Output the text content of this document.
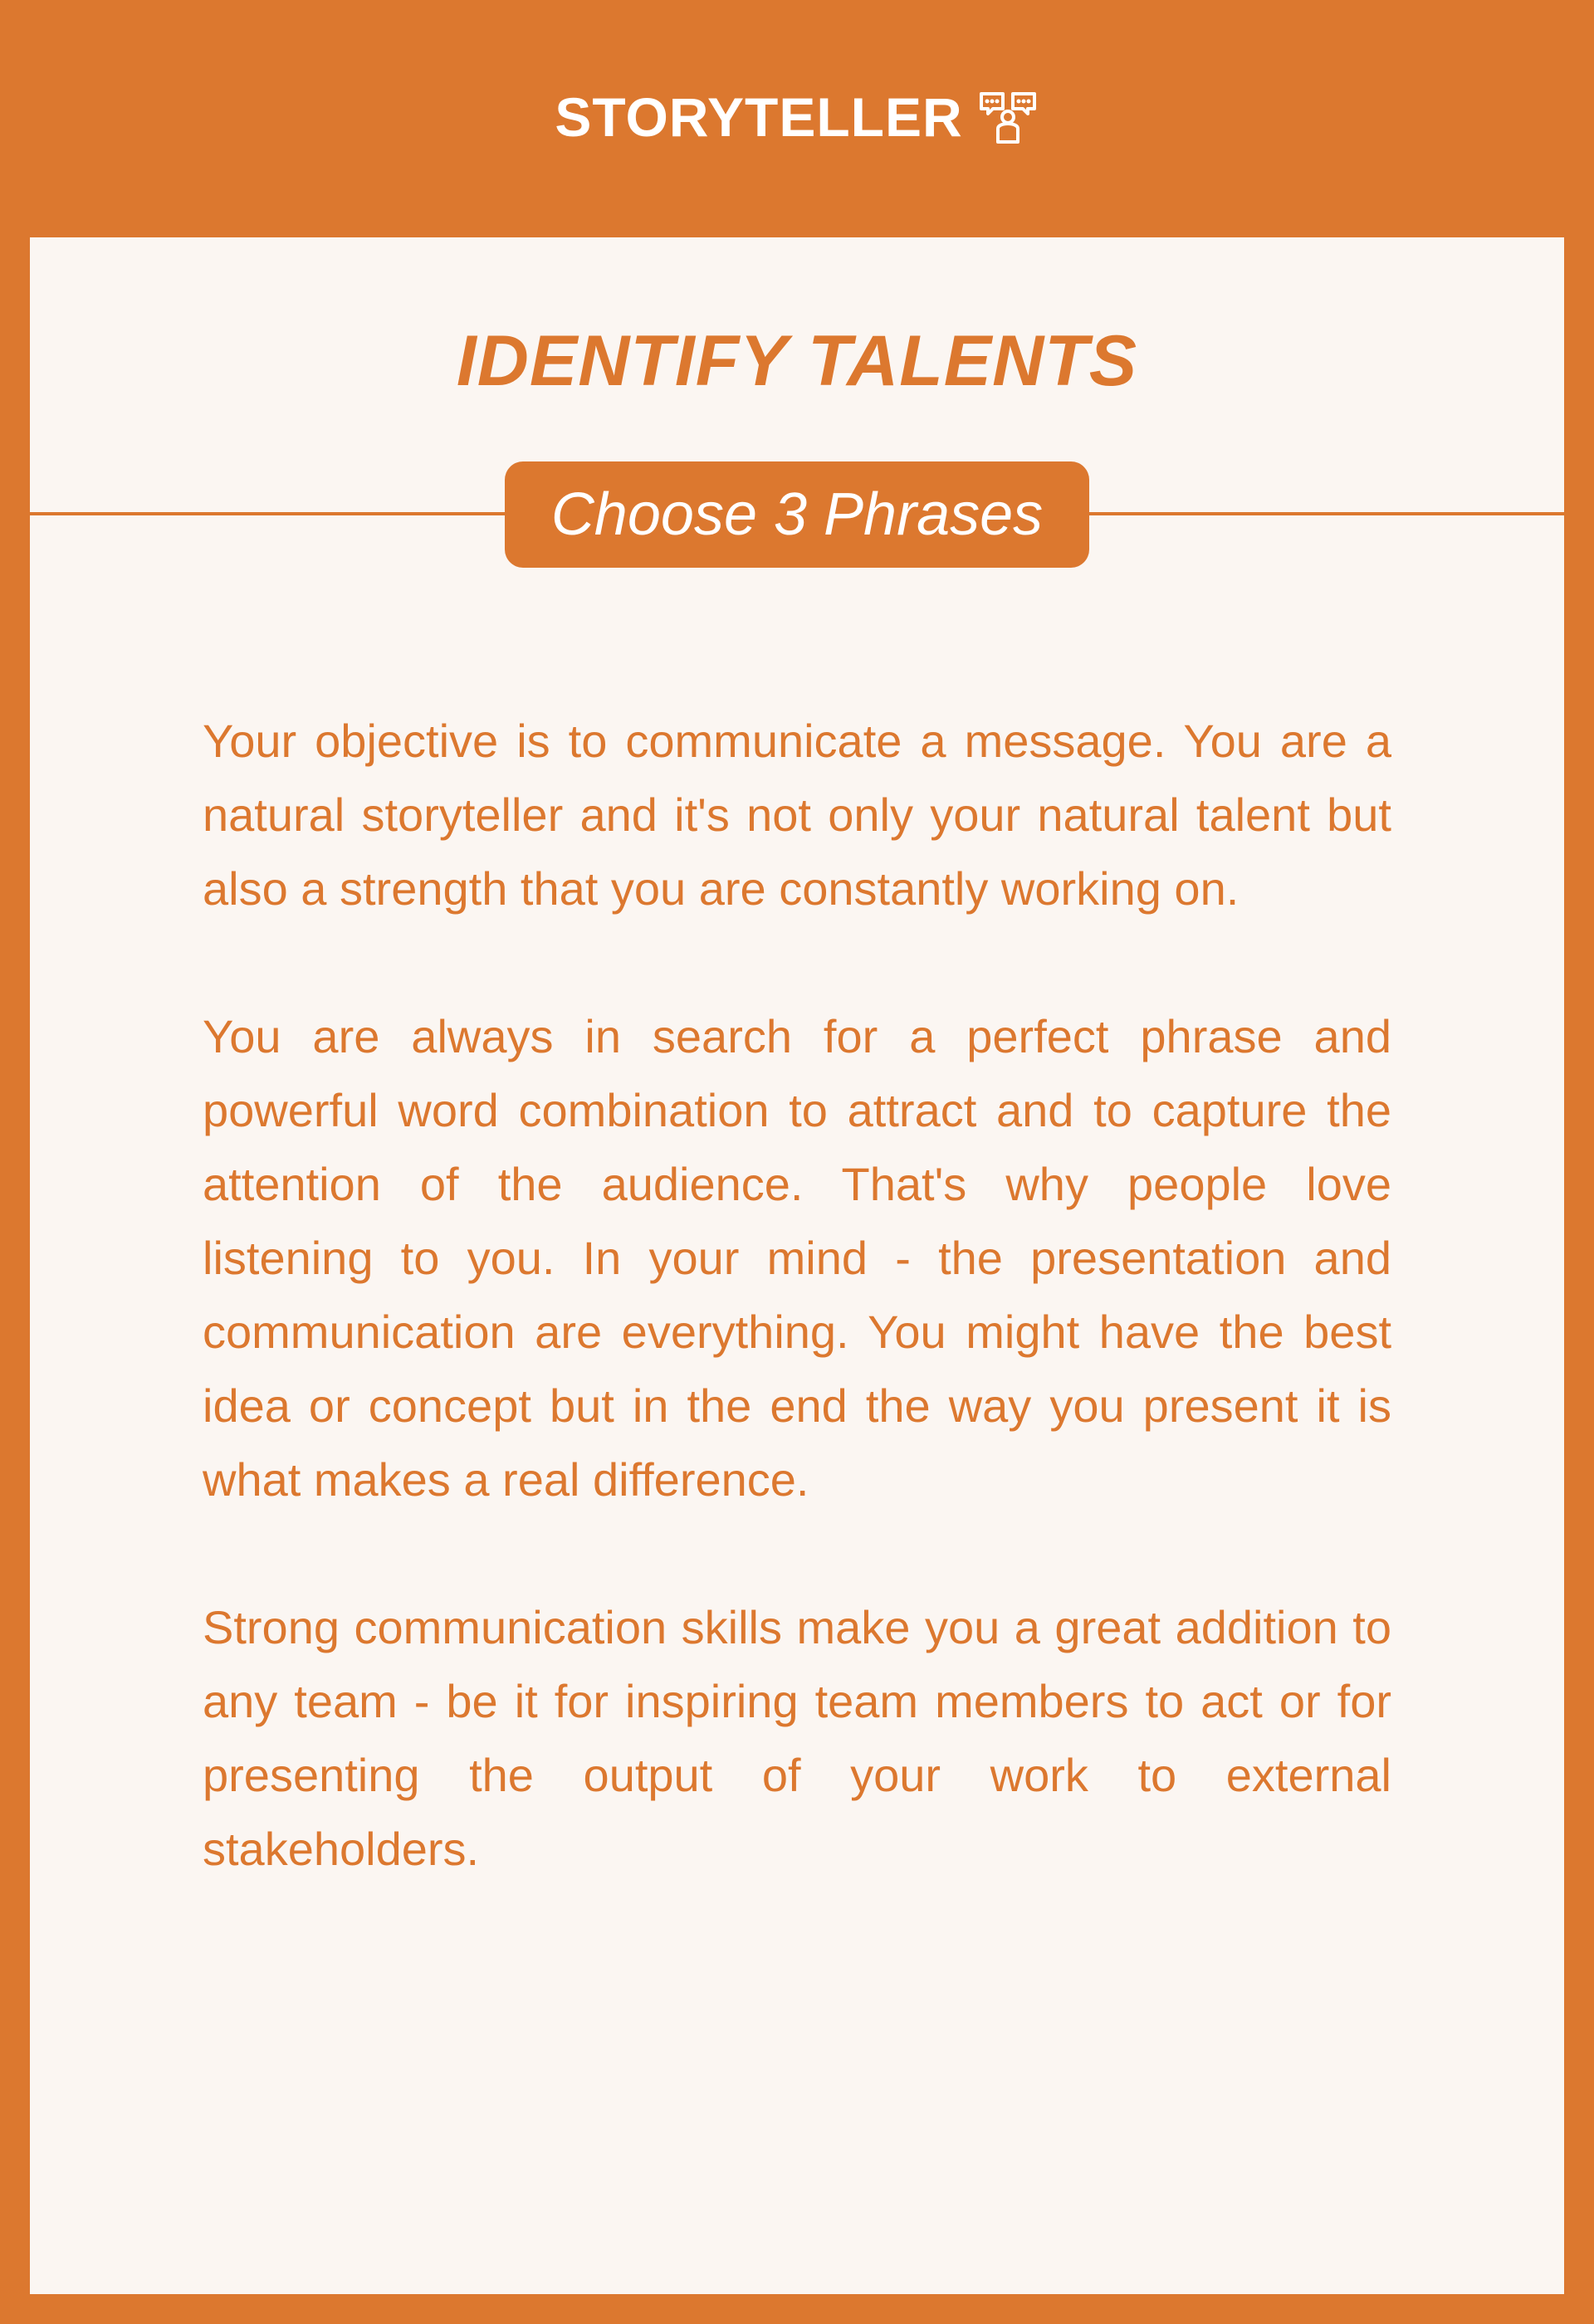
STORYTELLER
IDENTIFY TALENTS
Choose 3 Phrases

Your objective is to communicate a message. You are a natural storyteller and it's not only your natural talent but also a strength that you are constantly working on.

You are always in search for a perfect phrase and powerful word combination to attract and to capture the attention of the audience. That's why people love listening to you. In your mind - the presentation and communication are everything. You might have the best idea or concept but in the end the way you present it is what makes a real difference.

Strong communication skills make you a great addition to any team - be it for inspiring team members to act or for presenting the output of your work to external stakeholders.
